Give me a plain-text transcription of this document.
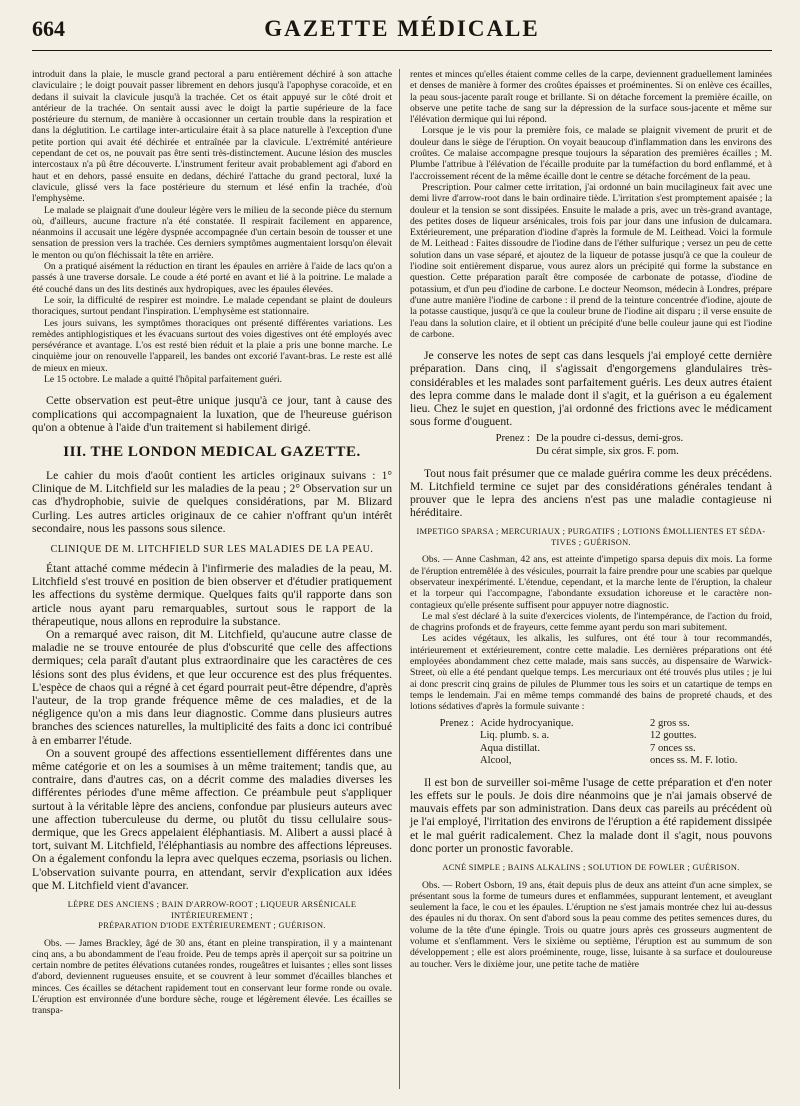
664	GAZETTE MÉDICALE

introduit dans la plaie, le muscle grand pectoral a paru entièrement déchiré à son attache claviculaire ; le doigt pouvait passer librement en dehors jusqu'à l'apophyse coracoïde, et en dedans il suivait la clavicule jusqu'à la trachée. Cet os était appuyé sur le côté droit et antérieur de la trachée. On sentait aussi avec le doigt la partie supérieure de la face postérieure du sternum, de manière à occasionner un certain trouble dans la respiration et dans la déglutition. Le cartilage inter-articulaire était à sa place naturelle à l'exception d'une petite portion qui avait été déchirée et entraînée par la clavicule. L'extrémité antérieure cependant de cet os, ne pouvait pas être senti très-distinctement. Aucune lésion des muscles intercostaux n'a pû être découverte. L'instrument feriteur avait probablement agi d'abord en haut et en dehors, passé ensuite en dedans, déchiré l'attache du grand pectoral, luxé la clavicule, glissé vers la face postérieure du sternum et lésé enfin la trachée, d'où l'emphysème.

Le malade se plaignait d'une douleur légère vers le milieu de la seconde pièce du sternum où, d'ailleurs, aucune fracture n'a été constatée. Il respirait facilement en apparence, néanmoins il accusait une légère dyspnée accompagnée d'un certain besoin de tousser et une sensation de pression vers la trachée. Ces derniers symptômes augmentaient lorsqu'on élevait le menton ou qu'on fléchissait la tête en arrière.

On a pratiqué aisément la réduction en tirant les épaules en arrière à l'aide de lacs qu'on a passés à une traverse dorsale. Le coude a été porté en avant et lié à la poitrine. Le malade a été couché dans un des lits destinés aux hydropiques, avec les épaules élevées.

Le soir, la difficulté de respirer est moindre. Le malade cependant se plaint de douleurs thoraciques, surtout pendant l'inspiration. L'emphysème est stationnaire.

Les jours suivans, les symptômes thoraciques ont présenté différentes variations. Les remèdes antiphlogistiques et les évacuans surtout des voies digestives ont été employés avec persévérance et avantage. L'os est resté bien réduit et la plaie a pris une bonne marche. Le cinquième jour on renouvelle l'appareil, les bandes ont excorié l'avant-bras. Le reste est allé de mieux en mieux.

Le 15 octobre. Le malade a quitté l'hôpital parfaitement guéri.

Cette observation est peut-être unique jusqu'à ce jour, tant à cause des complications qui accompagnaient la luxation, que de l'heureuse guérison qu'on a obtenue à l'aide d'un traitement si habilement dirigé.

III. THE LONDON MEDICAL GAZETTE.

Le cahier du mois d'août contient les articles originaux suivans : 1° Clinique de M. Litchfield sur les maladies de la peau ; 2° Observation sur un cas d'hydrophobie, suivie de quelques considérations, par M. Blizard Curling. Les autres articles originaux de ce cahier n'offrant qu'un intérêt secondaire, nous les passons sous silence.

CLINIQUE DE M. LITCHFIELD SUR LES MALADIES DE LA PEAU.

Étant attaché comme médecin à l'infirmerie des maladies de la peau, M. Litchfield s'est trouvé en position de bien observer et d'étudier pratiquement les affections du système dermique. Quelques faits qu'il rapporte dans son article nous ayant paru remarquables, surtout sous le rapport de la thérapeutique, nous allons en reproduire la substance.

On a remarqué avec raison, dit M. Litchfield, qu'aucune autre classe de maladie ne se trouve entourée de plus d'obscurité que celle des affections dermiques; cela paraît d'autant plus extraordinaire que les caractères de ces lésions sont des plus évidens, et que leur occurence est des plus fréquentes. L'espèce de chaos qui a régné à cet égard pourrait peut-être dépendre, d'après l'auteur, de la trop grande fréquence même de ces maladies, et de la négligence qu'on a mis dans leur diagnostic. Comme dans plusieurs autres branches des sciences naturelles, la multiplicité des faits a donc ici contribué à en embarrer l'étude.

On a souvent groupé des affections essentiellement différentes dans une même catégorie et on les a soumises à un même traitement; tandis que, au contraire, dans d'autres cas, on a décrit comme des maladies diverses les différentes périodes d'une même affection. Ce préambule peut s'appliquer surtout à la véritable lèpre des anciens, confondue par plusieurs auteurs avec une affection tuberculeuse du derme, ou plutôt du tissu cellulaire sous-dermique, que les Grecs appelaient éléphantiasis. M. Alibert a aussi placé à tort, suivant M. Litchfield, l'éléphantiasis au nombre des affections lépreuses. On a également confondu la lepra avec quelques eczema, psoriasis ou lichen. L'observation suivante pourra, en attendant, servir d'explication aux idées que M. Litchfield vient d'avancer.

LÈPRE DES ANCIENS ; BAIN D'ARROW-ROOT ; LIQUEUR ARSÉNICALE INTÉRIEUREMENT ;
PRÉPARATION D'IODE EXTÉRIEUREMENT ; GUÉRISON.

Obs. — James Brackley, âgé de 30 ans, étant en pleine transpiration, il y a maintenant cinq ans, a bu abondamment de l'eau froide. Peu de temps après il aperçoit sur sa poitrine un certain nombre de petites élévations cutanées rondes, rougeâtres et luisantes ; elles sont lisses d'abord, deviennent rugueuses ensuite, et se couvrent à leur sommet d'écailles blanches et minces. Ces écailles se détachent rapidement tout en conservant leur forme ronde ou ovale. L'éruption est environnée d'une bordure sèche, rouge et légèrement élevée. Les écailles se transpa-

rentes et minces qu'elles étaient comme celles de la carpe, deviennent graduellement laminées et denses de manière à former des croûtes épaisses et proéminentes. Si on enlève ces écailles, la peau sous-jacente paraît rouge et brillante. Si on détache forcement la première écaille, on observe une petite tache de sang sur la dépression de la surface sous-jacente et même sur l'élévation dermique qui lui répond.

Lorsque je le vis pour la première fois, ce malade se plaignit vivement de prurit et de douleur dans le siège de l'éruption. On voyait beaucoup d'inflammation dans les environs des croûtes. Ce malaise accompagne presque toujours la séparation des premières écailles ; M. Plumbe l'attribue à l'élévation de l'écaille produite par la tuméfaction du bord enflammé, et à l'accroissement récent de la même écaille dont le centre se détache forcément de la peau.

Prescription. Pour calmer cette irritation, j'ai ordonné un bain mucilagineux fait avec une demi livre d'arrow-root dans le bain ordinaire tiède. L'irritation s'est promptement apaisée ; la douleur et la tension se sont dissipées. Ensuite le malade a pris, avec un très-grand avantage, des petites doses de liqueur arsénicales, trois fois par jour dans une infusion de dulcamara. Extérieurement, une préparation d'iodine d'après la formule de M. Leithead. Voici la formule de M. Leithead : Faites dissoudre de l'iodine dans de l'éther sulfurique ; versez un peu de cette solution dans un vase séparé, et ajoutez de la liqueur de potasse jusqu'à ce que la couleur de l'iodine soit entièrement disparue, vous aurez alors un précipité qui forme la substance en question. Cette préparation paraît être composée de carbonate de potasse, d'iodine de potassium, et d'un peu d'iodine de carbone. Le docteur Neomson, médecin à Londres, prépare d'une autre manière l'iodine de carbone : il prend de la teinture concentrée d'iodine, ajoute de la potasse caustique, jusqu'à ce que la couleur brune de l'iodine ait disparu ; il verse ensuite de l'eau dans la solution claire, et il obtient un précipité d'une belle couleur jaune qui est l'iodine de carbone.

Je conserve les notes de sept cas dans lesquels j'ai employé cette dernière préparation. Dans cinq, il s'agissait d'engorgemens glandulaires très-considérables et les malades sont parfaitement guéris. Les deux autres étaient des lepra comme dans le malade dont il s'agit, et la guérison a eu également lieu. Chez le sujet en question, j'ai ordonné des frictions avec le médicament sous forme d'ouguent.

Prenez : De la poudre ci-dessus, demi-gros.
Du cérat simple, six gros. F. pom.

Tout nous fait présumer que ce malade guérira comme les deux précédens. M. Litchfield termine ce sujet par des considérations générales tendant à prouver que le lepra des anciens n'est pas une maladie contagieuse ni héréditaire.

IMPETIGO SPARSA ; MERCURIAUX ; PURGATIFS ; LOTIONS ÉMOLLIENTES ET SÉDA-
TIVES ; GUÉRISON.

Obs. — Anne Cashman, 42 ans, est atteinte d'impetigo sparsa depuis dix mois. La forme de l'éruption entremêlée à des vésicules, pourrait la faire prendre pour une scabies par quelque observateur inexpérimenté. L'étendue, cependant, et la marche lente de l'éruption, la chaleur et la torpeur qui l'accompagne, l'abondante exsudation ichoreuse et le caractère non-contagieux qu'elle présente suffisent pour appuyer notre diagnostic.

Le mal s'est déclaré à la suite d'exercices violents, de l'intempérance, de l'action du froid, de chagrins profonds et de frayeurs, cette femme ayant perdu son mari subitement.

Les acides végétaux, les alkalis, les sulfures, ont été tour à tour recommandés, intérieurement et extérieurement, contre cette maladie. Les dernières préparations ont été employées abondamment chez cette malade, mais sans succès, au dispensaire de Warwick-Street, où elle a été pendant quelque temps. Les mercuriaux ont été trouvés plus utiles ; je lui ai donc prescrit cinq grains de pilules de Plummer tous les soirs et un catartique de temps en temps le lendemain. J'ai en même temps commandé des bains de propreté chauds, et des lotions sédatives d'après la formule suivante :

Prenez : Acide hydrocyanique.	2 gros ss.
Liq. plumb. s. a.	12 gouttes.
Aqua distillat.	7 onces ss.
Alcool,	onces ss. M. F. lotio.

Il est bon de surveiller soi-même l'usage de cette préparation et d'en noter les effets sur le pouls. Je dois dire néanmoins que je n'ai jamais observé de mauvais effets par son administration. Dans deux cas pareils au précédent où je l'ai employé, l'irritation des environs de l'éruption a été rapidement dissipée et le mal guérit radicalement. Chez la malade dont il s'agit, nous pouvons donc porter un pronostic favorable.

ACNÉ SIMPLE ; BAINS ALKALINS ; SOLUTION DE FOWLER ; GUÉRISON.

Obs. — Robert Osborn, 19 ans, était depuis plus de deux ans atteint d'un acne simplex, se présentant sous la forme de tumeurs dures et enflammées, suppurant lentement, et aveuglant seulement la face, le cou et les épaules. L'éruption ne s'est jamais montrée chez lui au-dessus des épaules ni du thorax. On sent d'abord sous la peau comme des petites semences dures, du volume de la tête d'une épingle. Trois ou quatre jours après ces grosseurs augmentent de volume et s'enflamment. Vers le sixième ou septième, l'éruption est au summum de son développement ; elle est alors proéminente, rouge, lisse, luisante à sa surface et douloureuse au toucher. Vers le dixième jour, une petite tache de matière
